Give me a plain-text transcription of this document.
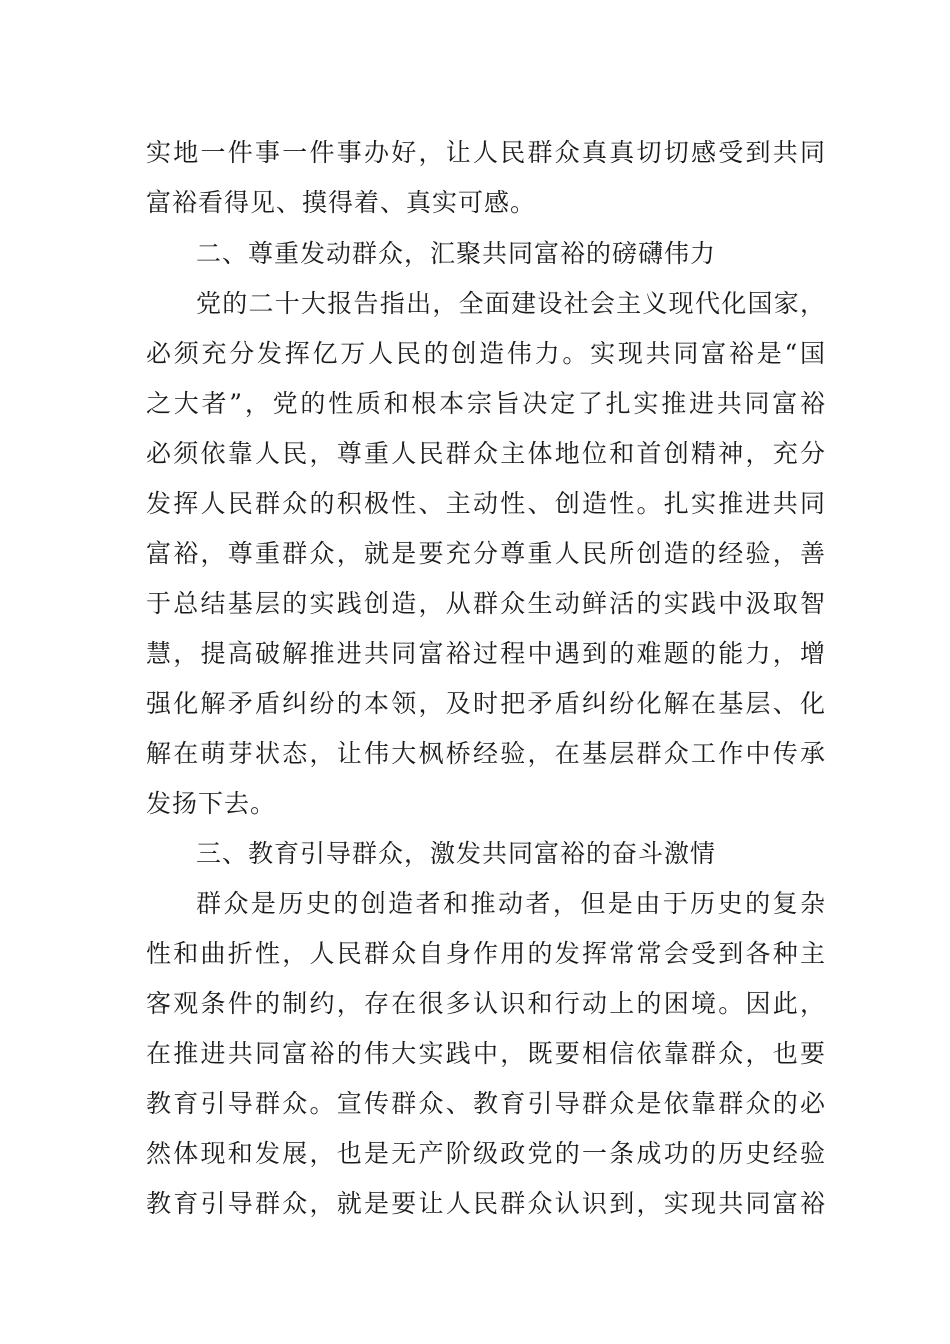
实地一件事一件事办好，让人民群众真真切切感受到共同
富裕看得见、摸得着、真实可感。
二、尊重发动群众，汇聚共同富裕的磅礴伟力
党的二十大报告指出，全面建设社会主义现代化国家，
必须充分发挥亿万人民的创造伟力。实现共同富裕是“国
之大者”，党的性质和根本宗旨决定了扎实推进共同富裕
必须依靠人民，尊重人民群众主体地位和首创精神，充分
发挥人民群众的积极性、主动性、创造性。扎实推进共同
富裕，尊重群众，就是要充分尊重人民所创造的经验，善
于总结基层的实践创造，从群众生动鲜活的实践中汲取智
慧，提高破解推进共同富裕过程中遇到的难题的能力，增
强化解矛盾纠纷的本领，及时把矛盾纠纷化解在基层、化
解在萌芽状态，让伟大枫桥经验，在基层群众工作中传承
发扬下去。
三、教育引导群众，激发共同富裕的奋斗激情
群众是历史的创造者和推动者，但是由于历史的复杂
性和曲折性，人民群众自身作用的发挥常常会受到各种主
客观条件的制约，存在很多认识和行动上的困境。因此，
在推进共同富裕的伟大实践中，既要相信依靠群众，也要
教育引导群众。宣传群众、教育引导群众是依靠群众的必
然体现和发展，也是无产阶级政党的一条成功的历史经验
教育引导群众，就是要让人民群众认识到，实现共同富裕
